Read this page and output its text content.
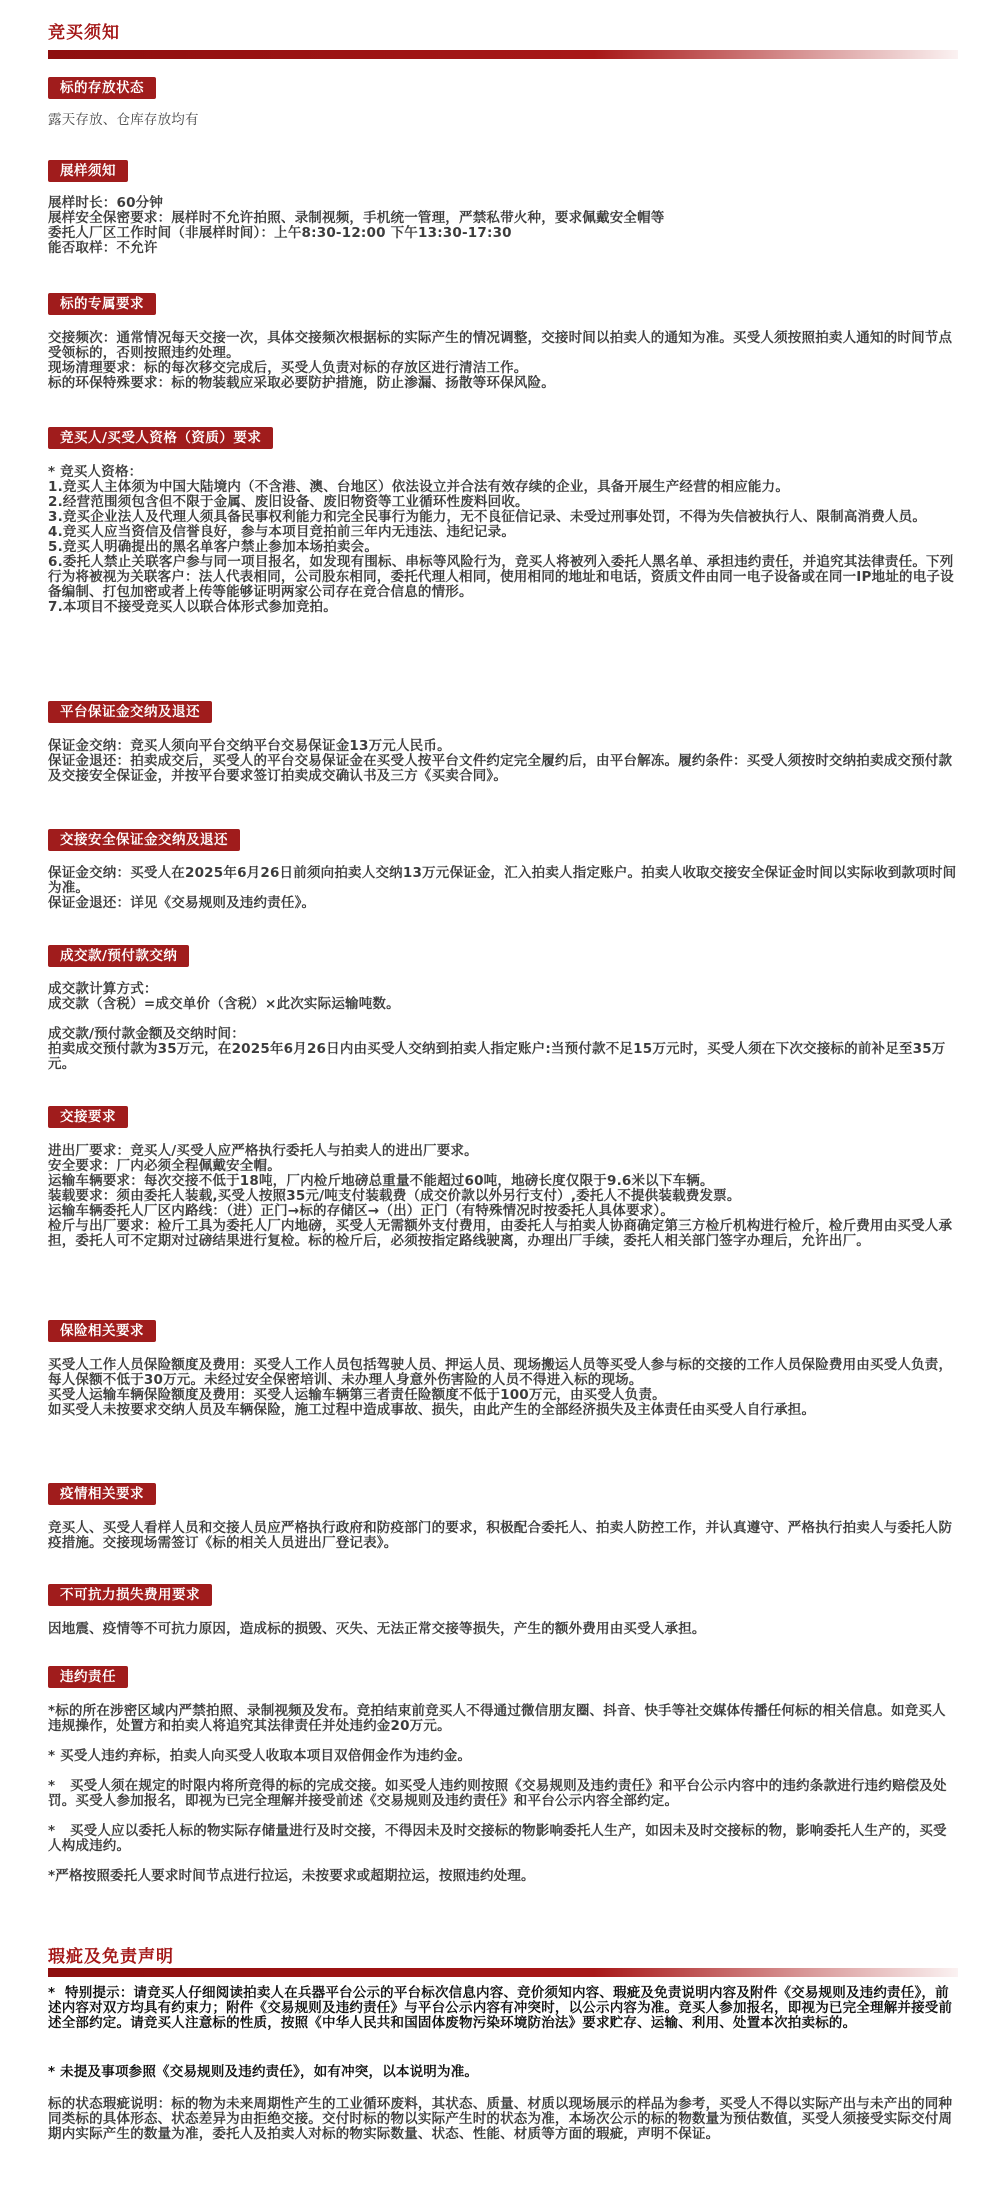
竞买须知
标的存放状态
露天存放、仓库存放均有
展样须知
展样时长：60分钟
展样安全保密要求：展样时不允许拍照、录制视频，手机统一管理，严禁私带火种，要求佩戴安全帽等
委托人厂区工作时间（非展样时间）：上午8:30-12:00 下午13:30-17:30
能否取样：不允许
标的专属要求
交接频次：通常情况每天交接一次，具体交接频次根据标的实际产生的情况调整，交接时间以拍卖人的通知为准。买受人须按照拍卖人通知的时间节点受领标的，否则按照违约处理。
现场清理要求：标的每次移交完成后，买受人负责对标的存放区进行清洁工作。
标的环保特殊要求：标的物装载应采取必要防护措施，防止渗漏、扬散等环保风险。
竞买人/买受人资格（资质）要求
* 竞买人资格：
1.竞买人主体须为中国大陆境内（不含港、澳、台地区）依法设立并合法有效存续的企业，具备开展生产经营的相应能力。
2.经营范围须包含但不限于金属、废旧设备、废旧物资等工业循环性废料回收。
3.竞买企业法人及代理人须具备民事权利能力和完全民事行为能力，无不良征信记录、未受过刑事处罚，不得为失信被执行人、限制高消费人员。
4.竞买人应当资信及信誉良好，参与本项目竞拍前三年内无违法、违纪记录。
5.竞买人明确提出的黑名单客户禁止参加本场拍卖会。
6.委托人禁止关联客户参与同一项目报名，如发现有围标、串标等风险行为，竞买人将被列入委托人黑名单、承担违约责任，并追究其法律责任。下列行为将被视为关联客户：法人代表相同，公司股东相同，委托代理人相同，使用相同的地址和电话，资质文件由同一电子设备或在同一IP地址的电子设备编制、打包加密或者上传等能够证明两家公司存在竞合信息的情形。
7.本项目不接受竞买人以联合体形式参加竞拍。
平台保证金交纳及退还
保证金交纳：竞买人须向平台交纳平台交易保证金13万元人民币。
保证金退还：拍卖成交后，买受人的平台交易保证金在买受人按平台文件约定完全履约后，由平台解冻。履约条件：买受人须按时交纳拍卖成交预付款及交接安全保证金，并按平台要求签订拍卖成交确认书及三方《买卖合同》。
交接安全保证金交纳及退还
保证金交纳：买受人在2025年6月26日前须向拍卖人交纳13万元保证金，汇入拍卖人指定账户。拍卖人收取交接安全保证金时间以实际收到款项时间为准。
保证金退还：详见《交易规则及违约责任》。
成交款/预付款交纳
成交款计算方式：
成交款（含税）=成交单价（含税）×此次实际运输吨数。

成交款/预付款金额及交纳时间：
拍卖成交预付款为35万元，在2025年6月26日内由买受人交纳到拍卖人指定账户:当预付款不足15万元时，买受人须在下次交接标的前补足至35万元。
交接要求
进出厂要求：竞买人/买受人应严格执行委托人与拍卖人的进出厂要求。
安全要求：厂内必须全程佩戴安全帽。
运输车辆要求：每次交接不低于18吨，厂内检斤地磅总重量不能超过60吨，地磅长度仅限于9.6米以下车辆。
装载要求：须由委托人装载,买受人按照35元/吨支付装载费（成交价款以外另行支付）,委托人不提供装载费发票。
运输车辆委托人厂区内路线：（进）正门→标的存储区→（出）正门（有特殊情况时按委托人具体要求）。
检斤与出厂要求：检斤工具为委托人厂内地磅，买受人无需额外支付费用，由委托人与拍卖人协商确定第三方检斤机构进行检斤，检斤费用由买受人承担，委托人可不定期对过磅结果进行复检。标的检斤后，必须按指定路线驶离，办理出厂手续，委托人相关部门签字办理后，允许出厂。
保险相关要求
买受人工作人员保险额度及费用：买受人工作人员包括驾驶人员、押运人员、现场搬运人员等买受人参与标的交接的工作人员保险费用由买受人负责，每人保额不低于30万元。未经过安全保密培训、未办理人身意外伤害险的人员不得进入标的现场。
买受人运输车辆保险额度及费用：买受人运输车辆第三者责任险额度不低于100万元，由买受人负责。
如买受人未按要求交纳人员及车辆保险，施工过程中造成事故、损失，由此产生的全部经济损失及主体责任由买受人自行承担。
疫情相关要求
竞买人、买受人看样人员和交接人员应严格执行政府和防疫部门的要求，积极配合委托人、拍卖人防控工作，并认真遵守、严格执行拍卖人与委托人防疫措施。交接现场需签订《标的相关人员进出厂登记表》。
不可抗力损失费用要求
因地震、疫情等不可抗力原因，造成标的损毁、灭失、无法正常交接等损失，产生的额外费用由买受人承担。
违约责任
*标的所在涉密区域内严禁拍照、录制视频及发布。竞拍结束前竞买人不得通过微信朋友圈、抖音、快手等社交媒体传播任何标的相关信息。如竞买人违规操作，处置方和拍卖人将追究其法律责任并处违约金20万元。

* 买受人违约弃标，拍卖人向买受人收取本项目双倍佣金作为违约金。

*   买受人须在规定的时限内将所竞得的标的完成交接。如买受人违约则按照《交易规则及违约责任》和平台公示内容中的违约条款进行违约赔偿及处罚。买受人参加报名，即视为已完全理解并接受前述《交易规则及违约责任》和平台公示内容全部约定。

*   买受人应以委托人标的物实际存储量进行及时交接，不得因未及时交接标的物影响委托人生产，如因未及时交接标的物，影响委托人生产的，买受人构成违约。

*严格按照委托人要求时间节点进行拉运，未按要求或超期拉运，按照违约处理。
瑕疵及免责声明
*  特别提示：请竞买人仔细阅读拍卖人在兵器平台公示的平台标次信息内容、竞价须知内容、瑕疵及免责说明内容及附件《交易规则及违约责任》，前述内容对双方均具有约束力；附件《交易规则及违约责任》与平台公示内容有冲突时，以公示内容为准。竞买人参加报名，即视为已完全理解并接受前述全部约定。请竞买人注意标的性质，按照《中华人民共和国固体废物污染环境防治法》要求贮存、运输、利用、处置本次拍卖标的。
* 未提及事项参照《交易规则及违约责任》，如有冲突，以本说明为准。
标的状态瑕疵说明：标的物为未来周期性产生的工业循环废料，其状态、质量、材质以现场展示的样品为参考，买受人不得以实际产出与未产出的同种同类标的具体形态、状态差异为由拒绝交接。交付时标的物以实际产生时的状态为准，本场次公示的标的物数量为预估数值，买受人须接受实际交付周期内实际产生的数量为准，委托人及拍卖人对标的物实际数量、状态、性能、材质等方面的瑕疵，声明不保证。
